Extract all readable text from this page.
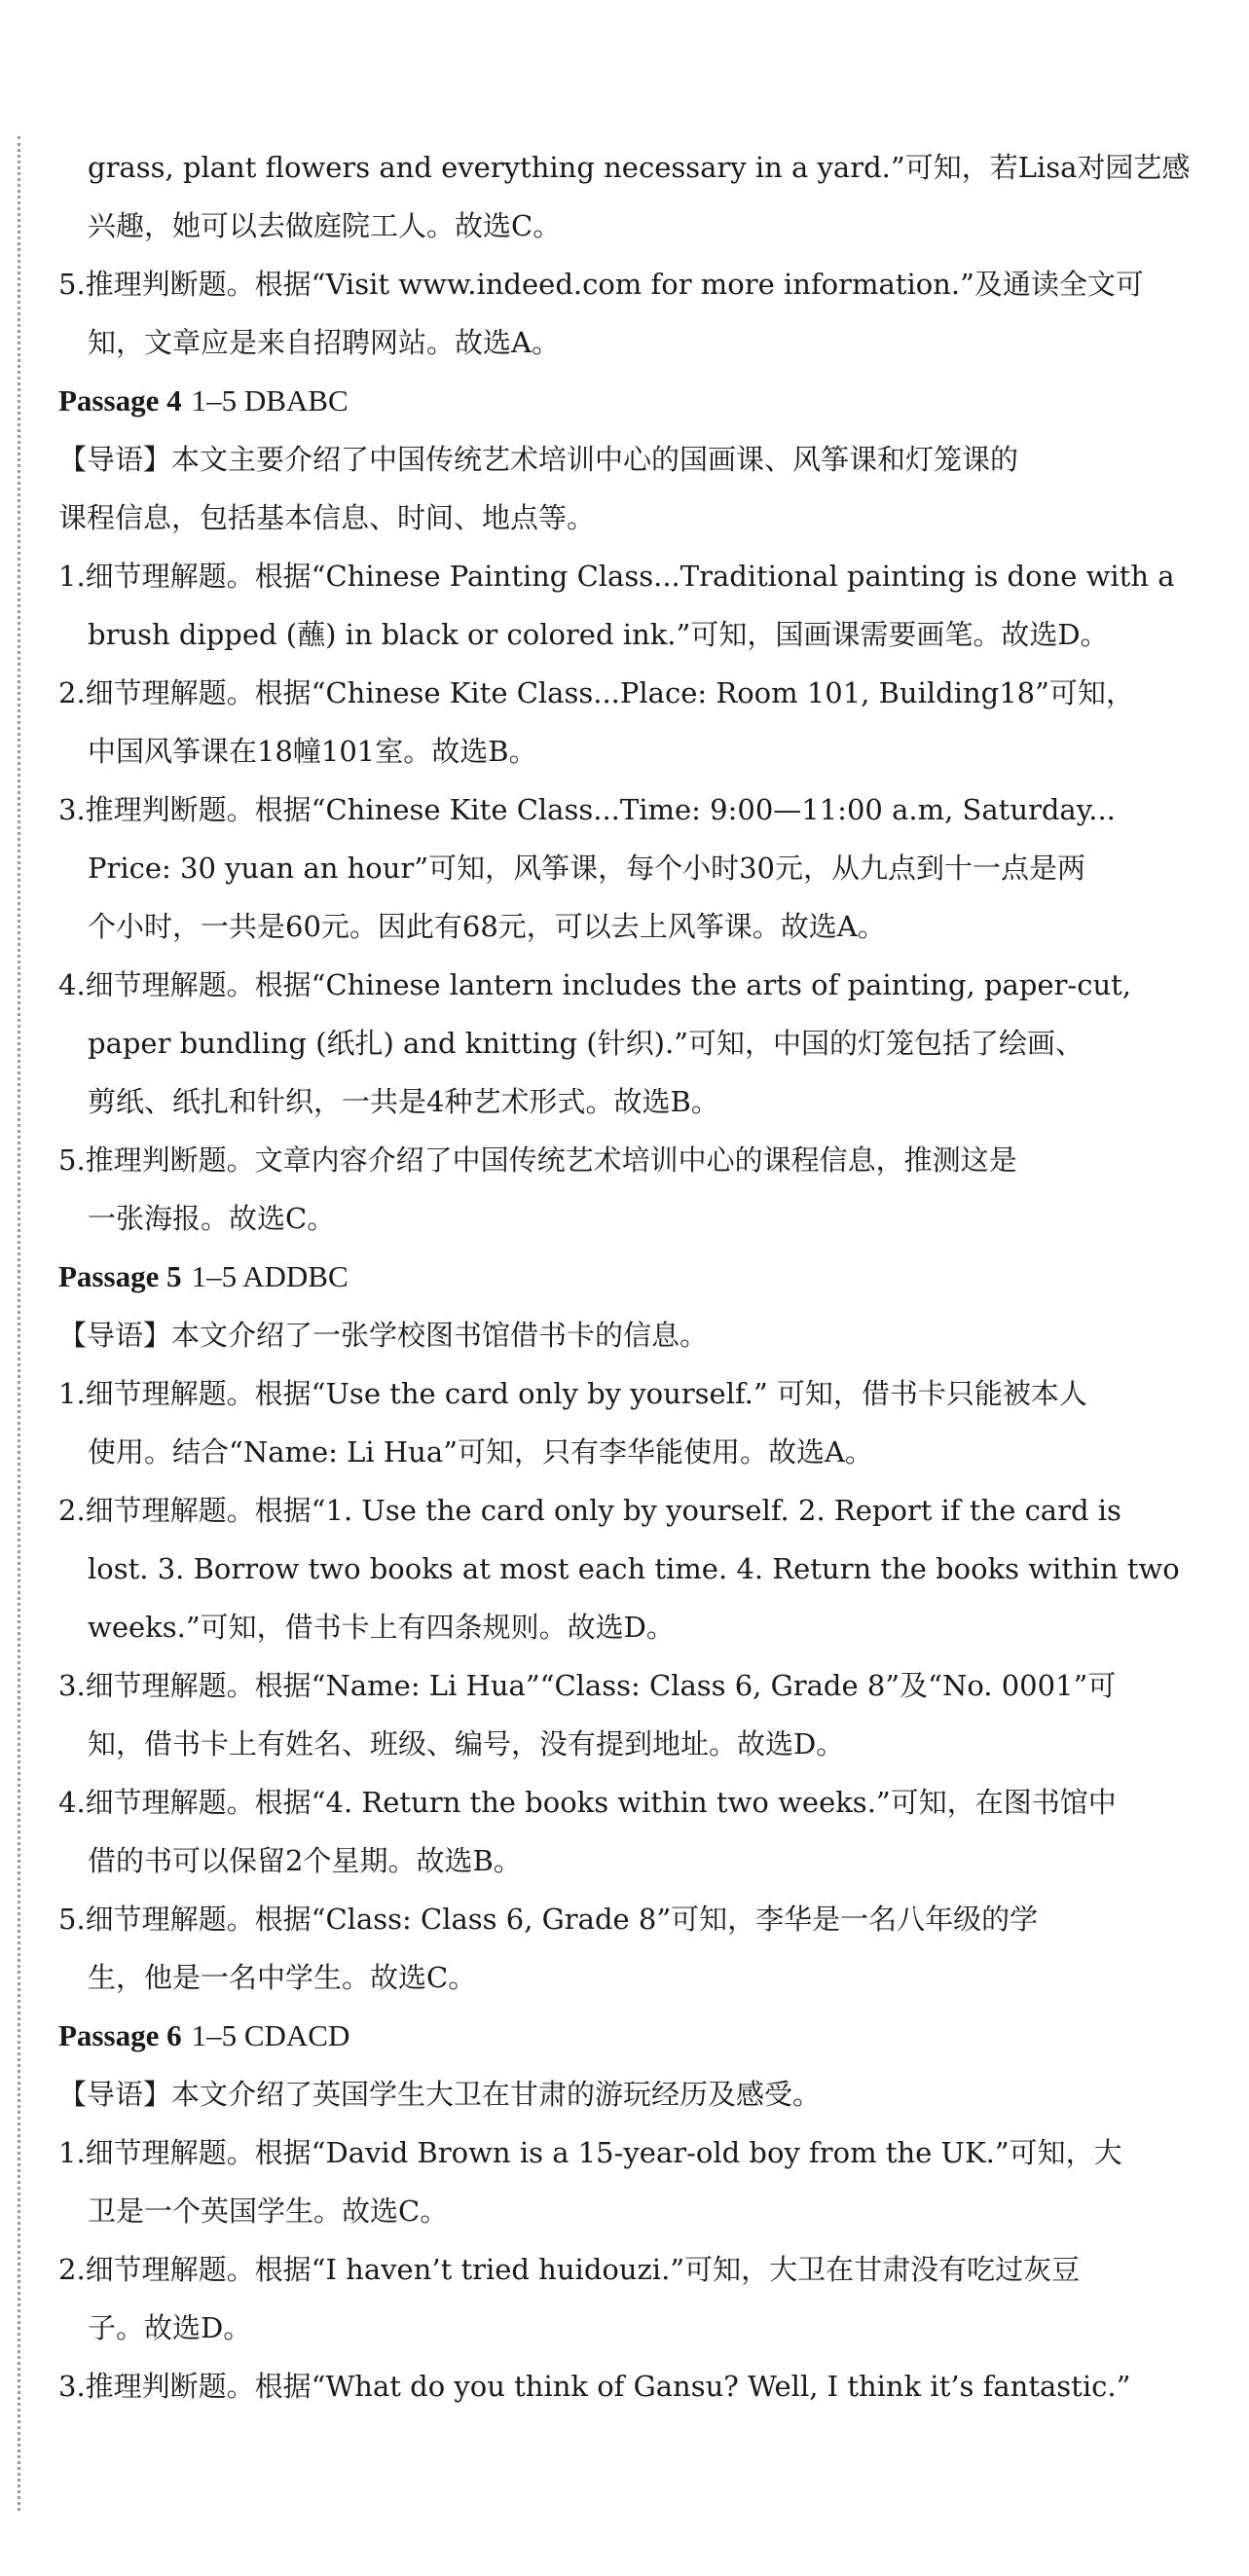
grass, plant flowers and everything necessary in a yard.”可知，若Lisa对园艺感
兴趣，她可以去做庭院工人。故选C。
5.推理判断题。根据“Visit www.indeed.com for more information.”及通读全文可
知，文章应是来自招聘网站。故选A。
Passage 4 1–5 DBABC
【导语】本文主要介绍了中国传统艺术培训中心的国画课、风筝课和灯笼课的
课程信息，包括基本信息、时间、地点等。
1.细节理解题。根据“Chinese Painting Class...Traditional painting is done with a
brush dipped (蘸) in black or colored ink.”可知，国画课需要画笔。故选D。
2.细节理解题。根据“Chinese Kite Class...Place: Room 101, Building18”可知，
中国风筝课在18幢101室。故选B。
3.推理判断题。根据“Chinese Kite Class...Time: 9:00—11:00 a.m, Saturday...
Price: 30 yuan an hour”可知，风筝课，每个小时30元，从九点到十一点是两
个小时，一共是60元。因此有68元，可以去上风筝课。故选A。
4.细节理解题。根据“Chinese lantern includes the arts of painting, paper-cut,
paper bundling (纸扎) and knitting (针织).”可知，中国的灯笼包括了绘画、
剪纸、纸扎和针织，一共是4种艺术形式。故选B。
5.推理判断题。文章内容介绍了中国传统艺术培训中心的课程信息，推测这是
一张海报。故选C。
Passage 5 1–5 ADDBC
【导语】本文介绍了一张学校图书馆借书卡的信息。
1.细节理解题。根据“Use the card only by yourself.” 可知，借书卡只能被本人
使用。结合“Name: Li Hua”可知，只有李华能使用。故选A。
2.细节理解题。根据“1. Use the card only by yourself. 2. Report if the card is
lost. 3. Borrow two books at most each time. 4. Return the books within two
weeks.”可知，借书卡上有四条规则。故选D。
3.细节理解题。根据“Name: Li Hua”“Class: Class 6, Grade 8”及“No. 0001”可
知，借书卡上有姓名、班级、编号，没有提到地址。故选D。
4.细节理解题。根据“4. Return the books within two weeks.”可知，在图书馆中
借的书可以保留2个星期。故选B。
5.细节理解题。根据“Class: Class 6, Grade 8”可知，李华是一名八年级的学
生，他是一名中学生。故选C。
Passage 6 1–5 CDACD
【导语】本文介绍了英国学生大卫在甘肃的游玩经历及感受。
1.细节理解题。根据“David Brown is a 15-year-old boy from the UK.”可知，大
卫是一个英国学生。故选C。
2.细节理解题。根据“I haven’t tried huidouzi.”可知，大卫在甘肃没有吃过灰豆
子。故选D。
3.推理判断题。根据“What do you think of Gansu? Well, I think it’s fantastic.”
